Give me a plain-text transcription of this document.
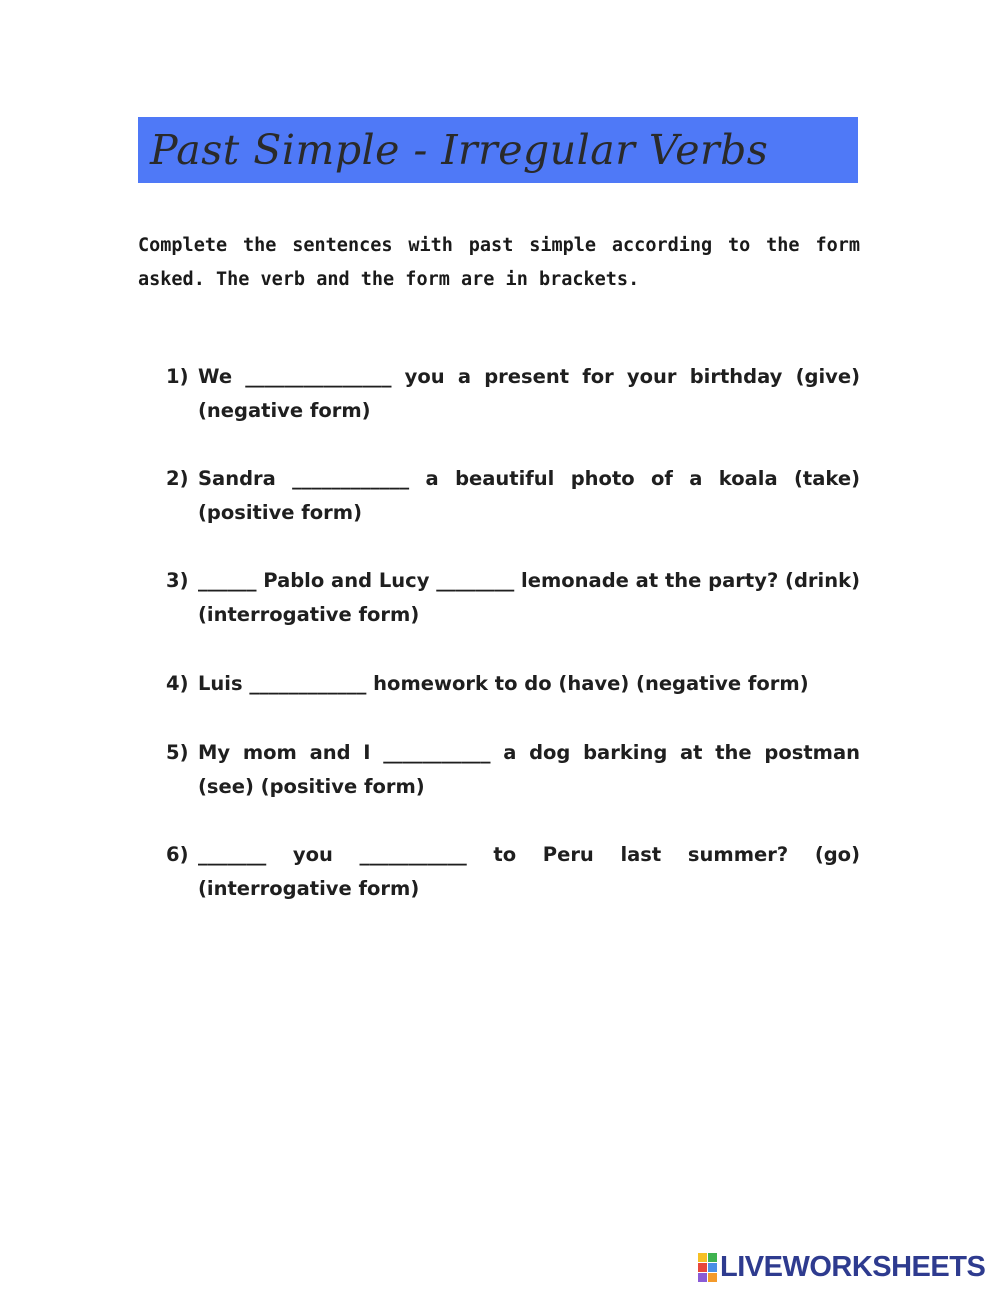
Past Simple - Irregular Verbs

Complete the sentences with past simple according to the form asked. The verb and the form are in brackets.

1) We _______________ you a present for your birthday (give) (negative form)
2) Sandra ____________ a beautiful photo of a koala (take) (positive form)
3) ______ Pablo and Lucy ________ lemonade at the party? (drink) (interrogative form)
4) Luis ____________ homework to do (have) (negative form)
5) My mom and I ___________ a dog barking at the postman (see) (positive form)
6) _______ you ___________ to Peru last summer? (go) (interrogative form)
LIVEWORKSHEETS
